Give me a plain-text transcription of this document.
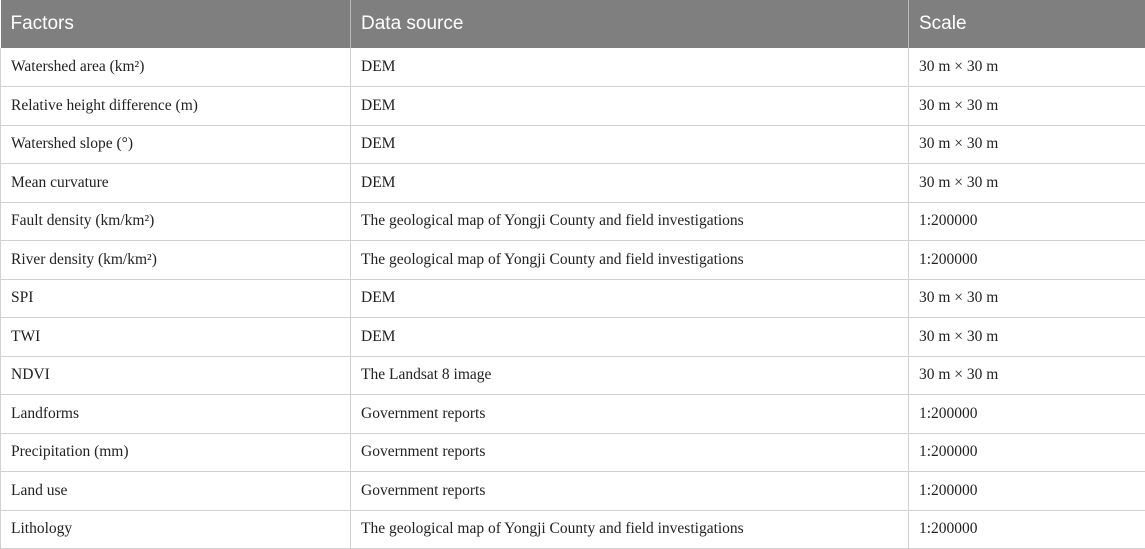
Factors	Data source	Scale
Watershed area (km²)	DEM	30 m × 30 m
Relative height difference (m)	DEM	30 m × 30 m
Watershed slope (°)	DEM	30 m × 30 m
Mean curvature	DEM	30 m × 30 m
Fault density (km/km²)	The geological map of Yongji County and field investigations	1:200000
River density (km/km²)	The geological map of Yongji County and field investigations	1:200000
SPI	DEM	30 m × 30 m
TWI	DEM	30 m × 30 m
NDVI	The Landsat 8 image	30 m × 30 m
Landforms	Government reports	1:200000
Precipitation (mm)	Government reports	1:200000
Land use	Government reports	1:200000
Lithology	The geological map of Yongji County and field investigations	1:200000
